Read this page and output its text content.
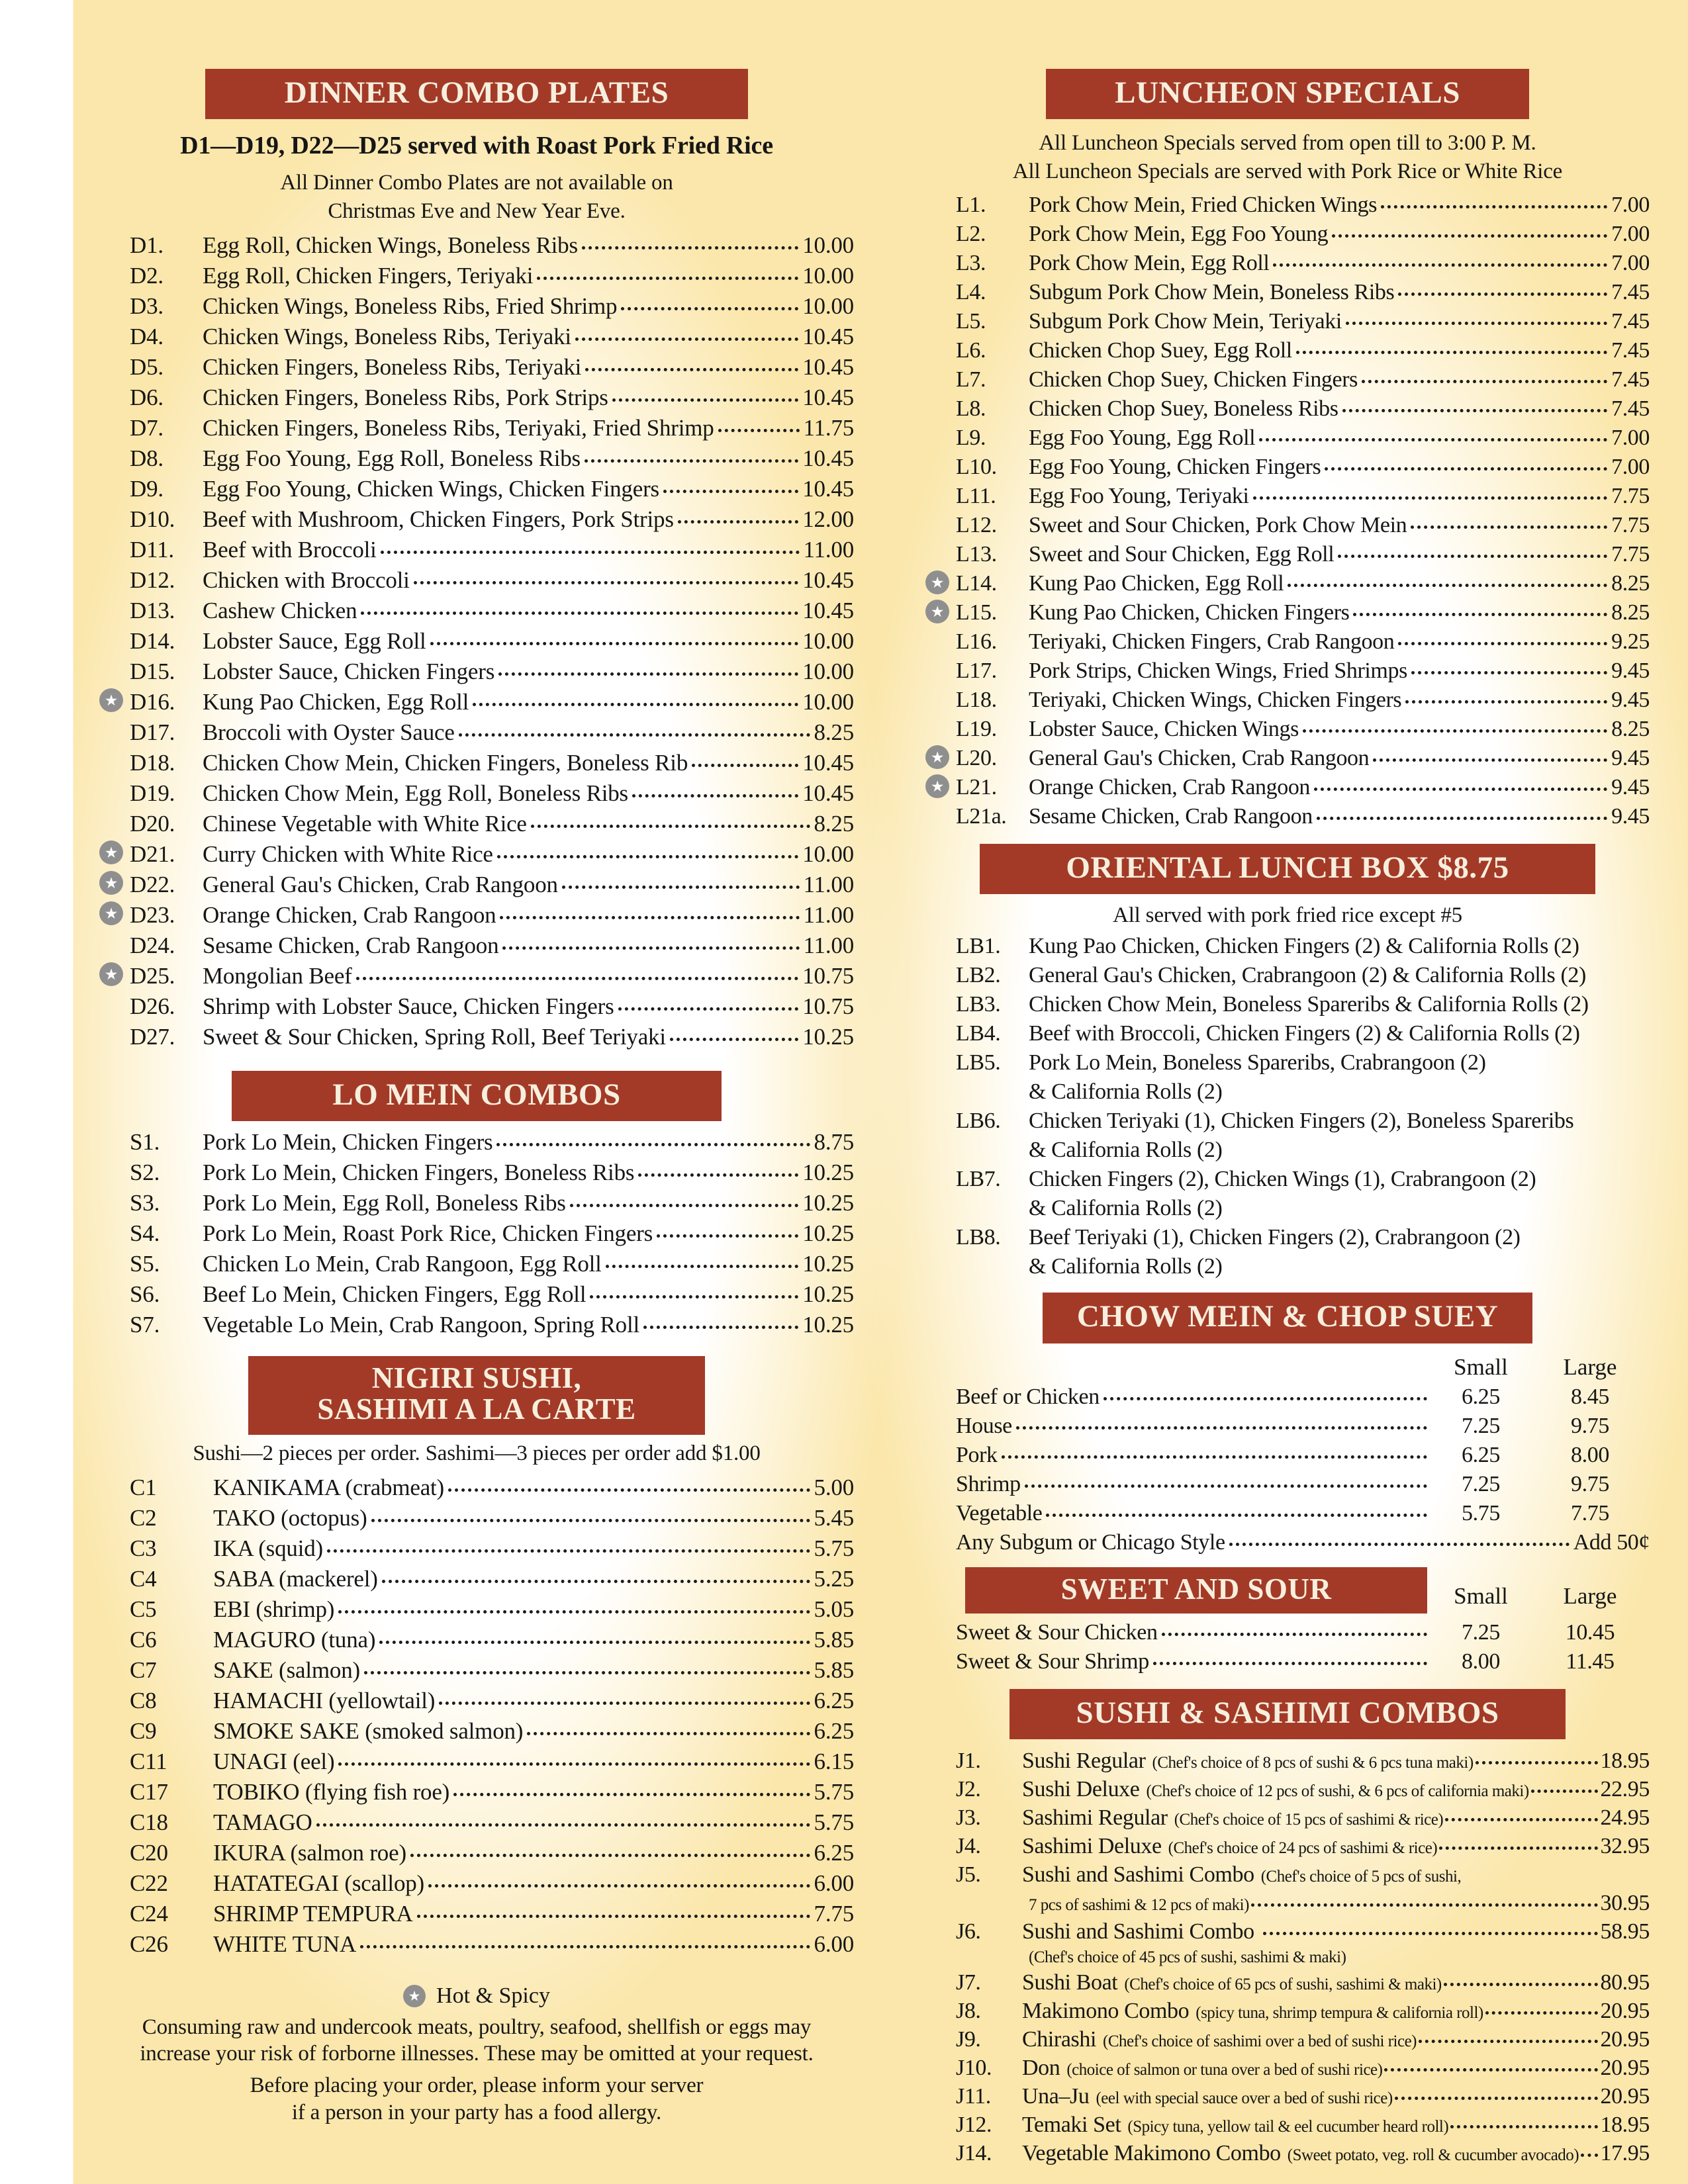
DINNER COMBO PLATES
D1—D19, D22—D25 served with Roast Pork Fried Rice
All Dinner Combo Plates are not available on
Christmas Eve and New Year Eve.
D1.	Egg Roll, Chicken Wings, Boneless Ribs	10.00
D2.	Egg Roll, Chicken Fingers, Teriyaki	10.00
D3.	Chicken Wings, Boneless Ribs, Fried Shrimp	10.00
D4.	Chicken Wings, Boneless Ribs, Teriyaki	10.45
D5.	Chicken Fingers, Boneless Ribs, Teriyaki	10.45
D6.	Chicken Fingers, Boneless Ribs, Pork Strips	10.45
D7.	Chicken Fingers, Boneless Ribs, Teriyaki, Fried Shrimp	11.75
D8.	Egg Foo Young, Egg Roll, Boneless Ribs	10.45
D9.	Egg Foo Young, Chicken Wings, Chicken Fingers	10.45
D10.	Beef with Mushroom, Chicken Fingers, Pork Strips	12.00
D11.	Beef with Broccoli	11.00
D12.	Chicken with Broccoli	10.45
D13.	Cashew Chicken	10.45
D14.	Lobster Sauce, Egg Roll	10.00
D15.	Lobster Sauce, Chicken Fingers	10.00
★ D16.	Kung Pao Chicken, Egg Roll	10.00
D17.	Broccoli with Oyster Sauce	8.25
D18.	Chicken Chow Mein, Chicken Fingers, Boneless Rib	10.45
D19.	Chicken Chow Mein, Egg Roll, Boneless Ribs	10.45
D20.	Chinese Vegetable with White Rice	8.25
★ D21.	Curry Chicken with White Rice	10.00
★ D22.	General Gau's Chicken, Crab Rangoon	11.00
★ D23.	Orange Chicken, Crab Rangoon	11.00
D24.	Sesame Chicken, Crab Rangoon	11.00
★ D25.	Mongolian Beef	10.75
D26.	Shrimp with Lobster Sauce, Chicken Fingers	10.75
D27.	Sweet & Sour Chicken, Spring Roll, Beef Teriyaki	10.25
LO MEIN COMBOS
S1.	Pork Lo Mein, Chicken Fingers	8.75
S2.	Pork Lo Mein, Chicken Fingers, Boneless Ribs	10.25
S3.	Pork Lo Mein, Egg Roll, Boneless Ribs	10.25
S4.	Pork Lo Mein, Roast Pork Rice, Chicken Fingers	10.25
S5.	Chicken Lo Mein, Crab Rangoon, Egg Roll	10.25
S6.	Beef Lo Mein, Chicken Fingers, Egg Roll	10.25
S7.	Vegetable Lo Mein, Crab Rangoon, Spring Roll	10.25
NIGIRI SUSHI,
SASHIMI A LA CARTE
Sushi—2 pieces per order. Sashimi—3 pieces per order add $1.00
C1	KANIKAMA (crabmeat)	5.00
C2	TAKO (octopus)	5.45
C3	IKA (squid)	5.75
C4	SABA (mackerel)	5.25
C5	EBI (shrimp)	5.05
C6	MAGURO (tuna)	5.85
C7	SAKE (salmon)	5.85
C8	HAMACHI (yellowtail)	6.25
C9	SMOKE SAKE (smoked salmon)	6.25
C11	UNAGI (eel)	6.15
C17	TOBIKO (flying fish roe)	5.75
C18	TAMAGO	5.75
C20	IKURA (salmon roe)	6.25
C22	HATATEGAI (scallop)	6.00
C24	SHRIMP TEMPURA	7.75
C26	WHITE TUNA	6.00
★ Hot & Spicy
Consuming raw and undercook meats, poultry, seafood, shellfish or eggs may
increase your risk of forborne illnesses. These may be omitted at your request.
Before placing your order, please inform your server
if a person in your party has a food allergy.
LUNCHEON SPECIALS
All Luncheon Specials served from open till to 3:00 P. M.
All Luncheon Specials are served with Pork Rice or White Rice
L1.	Pork Chow Mein, Fried Chicken Wings	7.00
L2.	Pork Chow Mein, Egg Foo Young	7.00
L3.	Pork Chow Mein, Egg Roll	7.00
L4.	Subgum Pork Chow Mein, Boneless Ribs	7.45
L5.	Subgum Pork Chow Mein, Teriyaki	7.45
L6.	Chicken Chop Suey, Egg Roll	7.45
L7.	Chicken Chop Suey, Chicken Fingers	7.45
L8.	Chicken Chop Suey, Boneless Ribs	7.45
L9.	Egg Foo Young, Egg Roll	7.00
L10.	Egg Foo Young, Chicken Fingers	7.00
L11.	Egg Foo Young, Teriyaki	7.75
L12.	Sweet and Sour Chicken, Pork Chow Mein	7.75
L13.	Sweet and Sour Chicken, Egg Roll	7.75
★ L14.	Kung Pao Chicken, Egg Roll	8.25
★ L15.	Kung Pao Chicken, Chicken Fingers	8.25
L16.	Teriyaki, Chicken Fingers, Crab Rangoon	9.25
L17.	Pork Strips, Chicken Wings, Fried Shrimps	9.45
L18.	Teriyaki, Chicken Wings, Chicken Fingers	9.45
L19.	Lobster Sauce, Chicken Wings	8.25
★ L20.	General Gau's Chicken, Crab Rangoon	9.45
★ L21.	Orange Chicken, Crab Rangoon	9.45
L21a. Sesame Chicken, Crab Rangoon	9.45
ORIENTAL LUNCH BOX $8.75
All served with pork fried rice except #5
LB1.	Kung Pao Chicken, Chicken Fingers (2) & California Rolls (2)
LB2.	General Gau's Chicken, Crabrangoon (2) & California Rolls (2)
LB3.	Chicken Chow Mein, Boneless Spareribs & California Rolls (2)
LB4.	Beef with Broccoli, Chicken Fingers (2) & California Rolls (2)
LB5.	Pork Lo Mein, Boneless Spareribs, Crabrangoon (2)
& California Rolls (2)
LB6.	Chicken Teriyaki (1), Chicken Fingers (2), Boneless Spareribs
& California Rolls (2)
LB7.	Chicken Fingers (2), Chicken Wings (1), Crabrangoon (2)
& California Rolls (2)
LB8.	Beef Teriyaki (1), Chicken Fingers (2), Crabrangoon (2)
& California Rolls (2)
CHOW MEIN & CHOP SUEY
Small	Large
Beef or Chicken	6.25	8.45
House	7.25	9.75
Pork	6.25	8.00
Shrimp	7.25	9.75
Vegetable	5.75	7.75
Any Subgum or Chicago Style	Add 50¢
SWEET AND SOUR	Small	Large
Sweet & Sour Chicken	7.25	10.45
Sweet & Sour Shrimp	8.00	11.45
SUSHI & SASHIMI COMBOS
J1.	Sushi Regular (Chef's choice of 8 pcs of sushi & 6 pcs tuna maki)	18.95
J2.	Sushi Deluxe (Chef's choice of 12 pcs of sushi, & 6 pcs of california maki)	22.95
J3.	Sashimi Regular (Chef's choice of 15 pcs of sashimi & rice)	24.95
J4.	Sashimi Deluxe (Chef's choice of 24 pcs of sashimi & rice)	32.95
J5.	Sushi and Sashimi Combo (Chef's choice of 5 pcs of sushi,
7 pcs of sashimi & 12 pcs of maki)	30.95
J6.	Sushi and Sashimi Combo	58.95
(Chef's choice of 45 pcs of sushi, sashimi & maki)
J7.	Sushi Boat (Chef's choice of 65 pcs of sushi, sashimi & maki)	80.95
J8.	Makimono Combo (spicy tuna, shrimp tempura & california roll)	20.95
J9.	Chirashi (Chef's choice of sashimi over a bed of sushi rice)	20.95
J10.	Don (choice of salmon or tuna over a bed of sushi rice)	20.95
J11.	Una–Ju (eel with special sauce over a bed of sushi rice)	20.95
J12.	Temaki Set (Spicy tuna, yellow tail & eel cucumber heard roll)	18.95
J14.	Vegetable Makimono Combo (Sweet potato, veg. roll & cucumber avocado) 17.95
